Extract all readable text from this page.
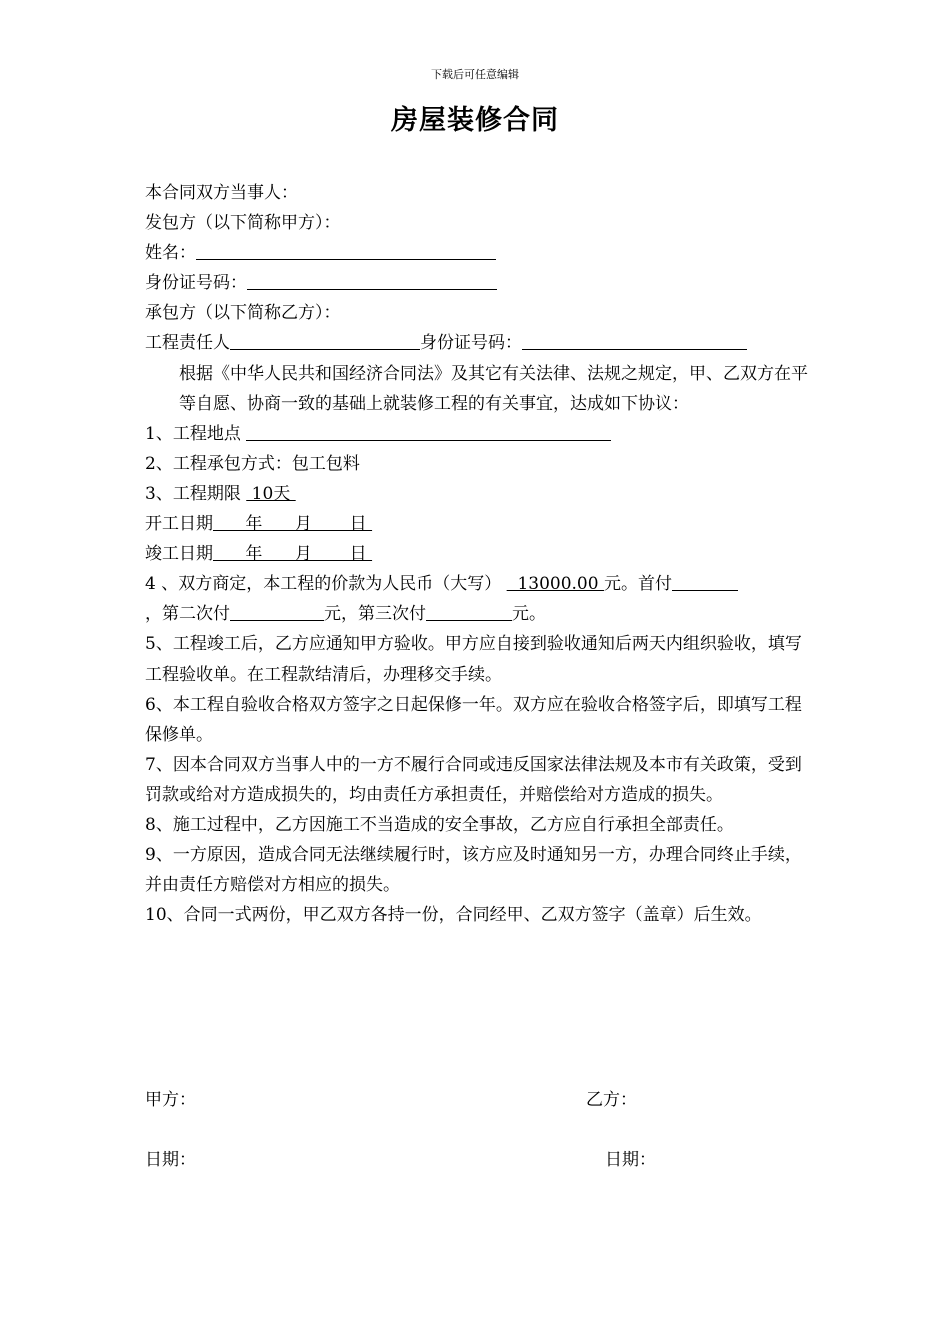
下载后可任意编辑
房屋装修合同
本合同双方当事人：
发包方（以下简称甲方）：
姓名：
身份证号码：
承包方（以下简称乙方）：
工程责任人	身份证号码：
根据《中华人民共和国经济合同法》及其它有关法律、法规之规定，甲、乙双方在平等自愿、协商一致的基础上就装修工程的有关事宜，达成如下协议：
1、工程地点
2、工程承包方式：包工包料
3、工程期限  10天
开工日期      年      月       日
竣工日期      年      月       日
4 、双方商定，本工程的价款为人民币（大写）   13000.00 元。首付
，第二次付	元，第三次付	元。
5、工程竣工后，乙方应通知甲方验收。甲方应自接到验收通知后两天内组织验收，填写工程验收单。在工程款结清后，办理移交手续。
6、本工程自验收合格双方签字之日起保修一年。双方应在验收合格签字后，即填写工程保修单。
7、因本合同双方当事人中的一方不履行合同或违反国家法律法规及本市有关政策，受到罚款或给对方造成损失的，均由责任方承担责任，并赔偿给对方造成的损失。
8、施工过程中，乙方因施工不当造成的安全事故，乙方应自行承担全部责任。
9、一方原因，造成合同无法继续履行时，该方应及时通知另一方，办理合同终止手续，并由责任方赔偿对方相应的损失。
10、合同一式两份，甲乙双方各持一份，合同经甲、乙双方签字（盖章）后生效。
甲方：	乙方：
日期：	日期：
